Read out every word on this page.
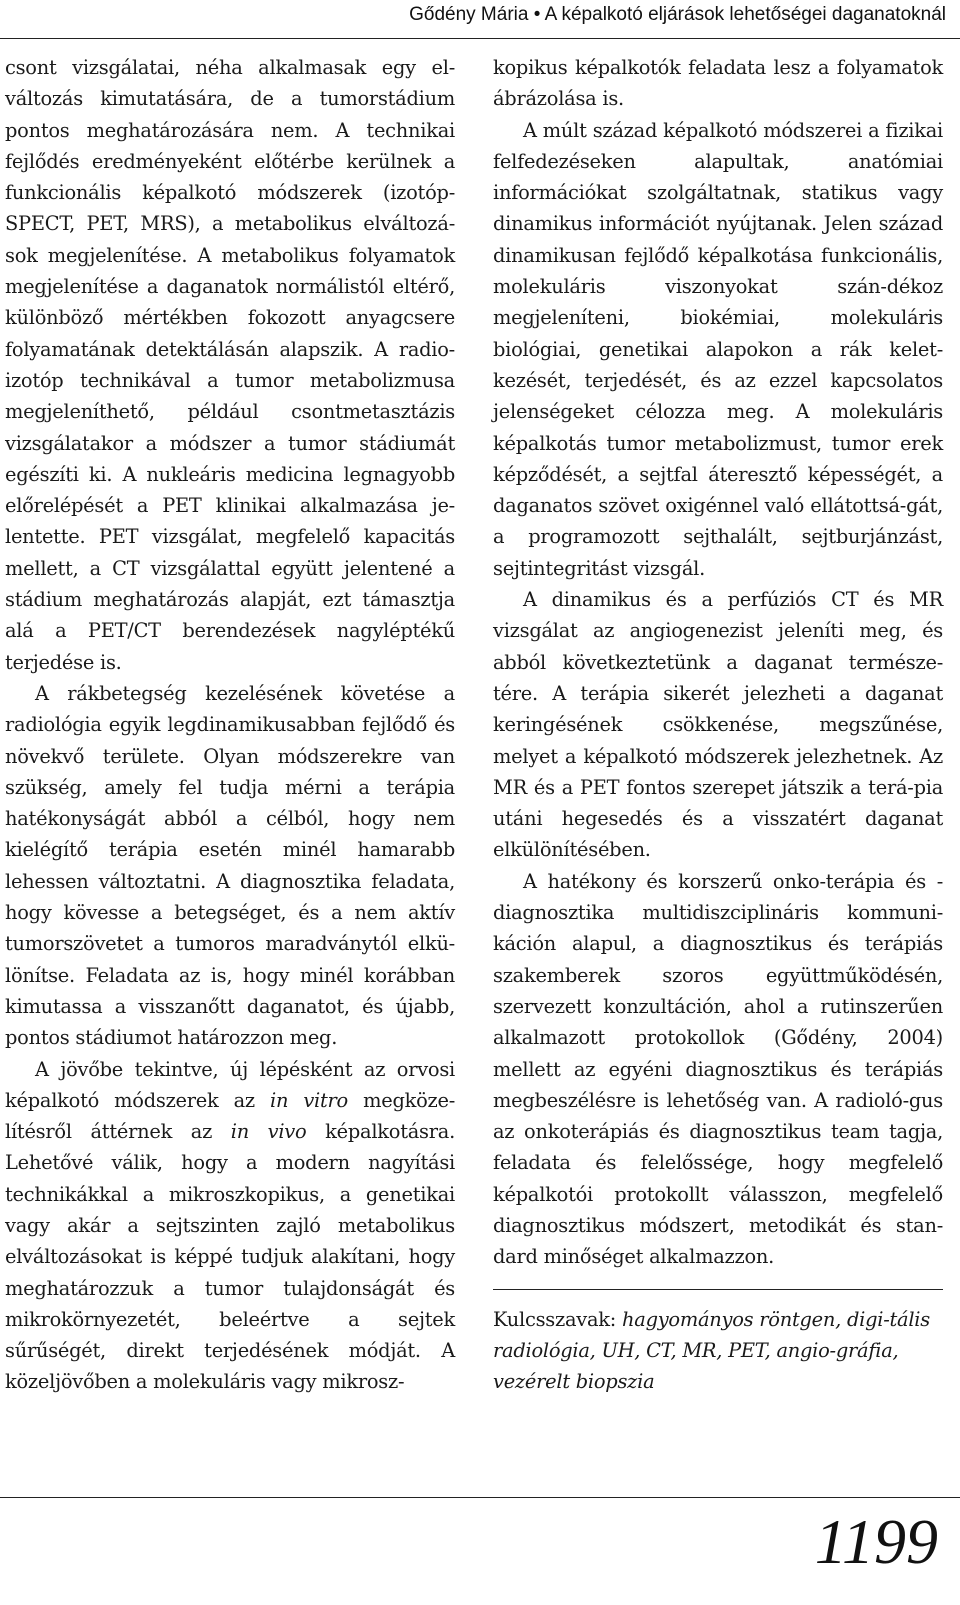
Gődény Mária • A képalkotó eljárások lehetőségei daganatoknál

csont vizsgálatai, néha alkalmasak egy el-változás kimutatására, de a tumorstádium pontos meghatározására nem. A technikai fejlődés eredményeként előtérbe kerülnek a funkcionális képalkotó módszerek (izotóp-SPECT, PET, MRS), a metabolikus elváltozá-sok megjelenítése. A metabolikus folyamatok megjelenítése a daganatok normálistól eltérő, különböző mértékben fokozott anyagcsere folyamatának detektálásán alapszik. A radio-izotóp technikával a tumor metabolizmusa megjeleníthető, például csontmetasztázis vizsgálatakor a módszer a tumor stádiumát egészíti ki. A nukleáris medicina legnagyobb előrelépését a PET klinikai alkalmazása je-lentette. PET vizsgálat, megfelelő kapacitás mellett, a CT vizsgálattal együtt jelentené a stádium meghatározás alapját, ezt támasztja alá a PET/CT berendezések nagyléptékű terjedése is.

A rákbetegség kezelésének követése a radiológia egyik legdinamikusabban fejlődő és növekvő területe. Olyan módszerekre van szükség, amely fel tudja mérni a terápia hatékonyságát abból a célból, hogy nem kielégítő terápia esetén minél hamarabb lehessen változtatni. A diagnosztika feladata, hogy kövesse a betegséget, és a nem aktív tumorszövetet a tumoros maradványtól elkü-lönítse. Feladata az is, hogy minél korábban kimutassa a visszanőtt daganatot, és újabb, pontos stádiumot határozzon meg.

A jövőbe tekintve, új lépésként az orvosi képalkotó módszerek az in vitro megköze-lítésről áttérnek az in vivo képalkotásra. Lehetővé válik, hogy a modern nagyítási technikákkal a mikroszkopikus, a genetikai vagy akár a sejtszinten zajló metabolikus elváltozásokat is képpé tudjuk alakítani, hogy meghatározzuk a tumor tulajdonságát és mikrokörnyezetét, beleértve a sejtek sűrűségét, direkt terjedésének módját. A közeljövőben a molekuláris vagy mikrosz-

kopikus képalkotók feladata lesz a folyamatok ábrázolása is.

A múlt század képalkotó módszerei a fizikai felfedezéseken alapultak, anatómiai információkat szolgáltatnak, statikus vagy dinamikus információt nyújtanak. Jelen század dinamikusan fejlődő képalkotása funkcionális, molekuláris viszonyokat szán-dékoz megjeleníteni, biokémiai, molekuláris biológiai, genetikai alapokon a rák kelet-kezését, terjedését, és az ezzel kapcsolatos jelenségeket célozza meg. A molekuláris képalkotás tumor metabolizmust, tumor erek képződését, a sejtfal áteresztő képességét, a daganatos szövet oxigénnel való ellátottsá-gát, a programozott sejthalált, sejtburjánzást, sejtintegritást vizsgál.

A dinamikus és a perfúziós CT és MR vizsgálat az angiogenezist jeleníti meg, és abból következtetünk a daganat természe-tére. A terápia sikerét jelezheti a daganat keringésének csökkenése, megszűnése, melyet a képalkotó módszerek jelezhetnek. Az MR és a PET fontos szerepet játszik a terá-pia utáni hegesedés és a visszatért daganat elkülönítésében.

A hatékony és korszerű onko-terápia és -diagnosztika multidiszciplináris kommuni-káción alapul, a diagnosztikus és terápiás szakemberek szoros együttműködésén, szervezett konzultáción, ahol a rutinszerűen alkalmazott protokollok (Gődény, 2004) mellett az egyéni diagnosztikus és terápiás megbeszélésre is lehetőség van. A radioló-gus az onkoterápiás és diagnosztikus team tagja, feladata és felelőssége, hogy megfelelő képalkotói protokollt válasszon, megfelelő diagnosztikus módszert, metodikát és stan-dard minőséget alkalmazzon.

Kulcsszavak: hagyományos röntgen, digi-tális radiológia, UH, CT, MR, PET, angio-gráfia, vezérelt biopszia

1199
